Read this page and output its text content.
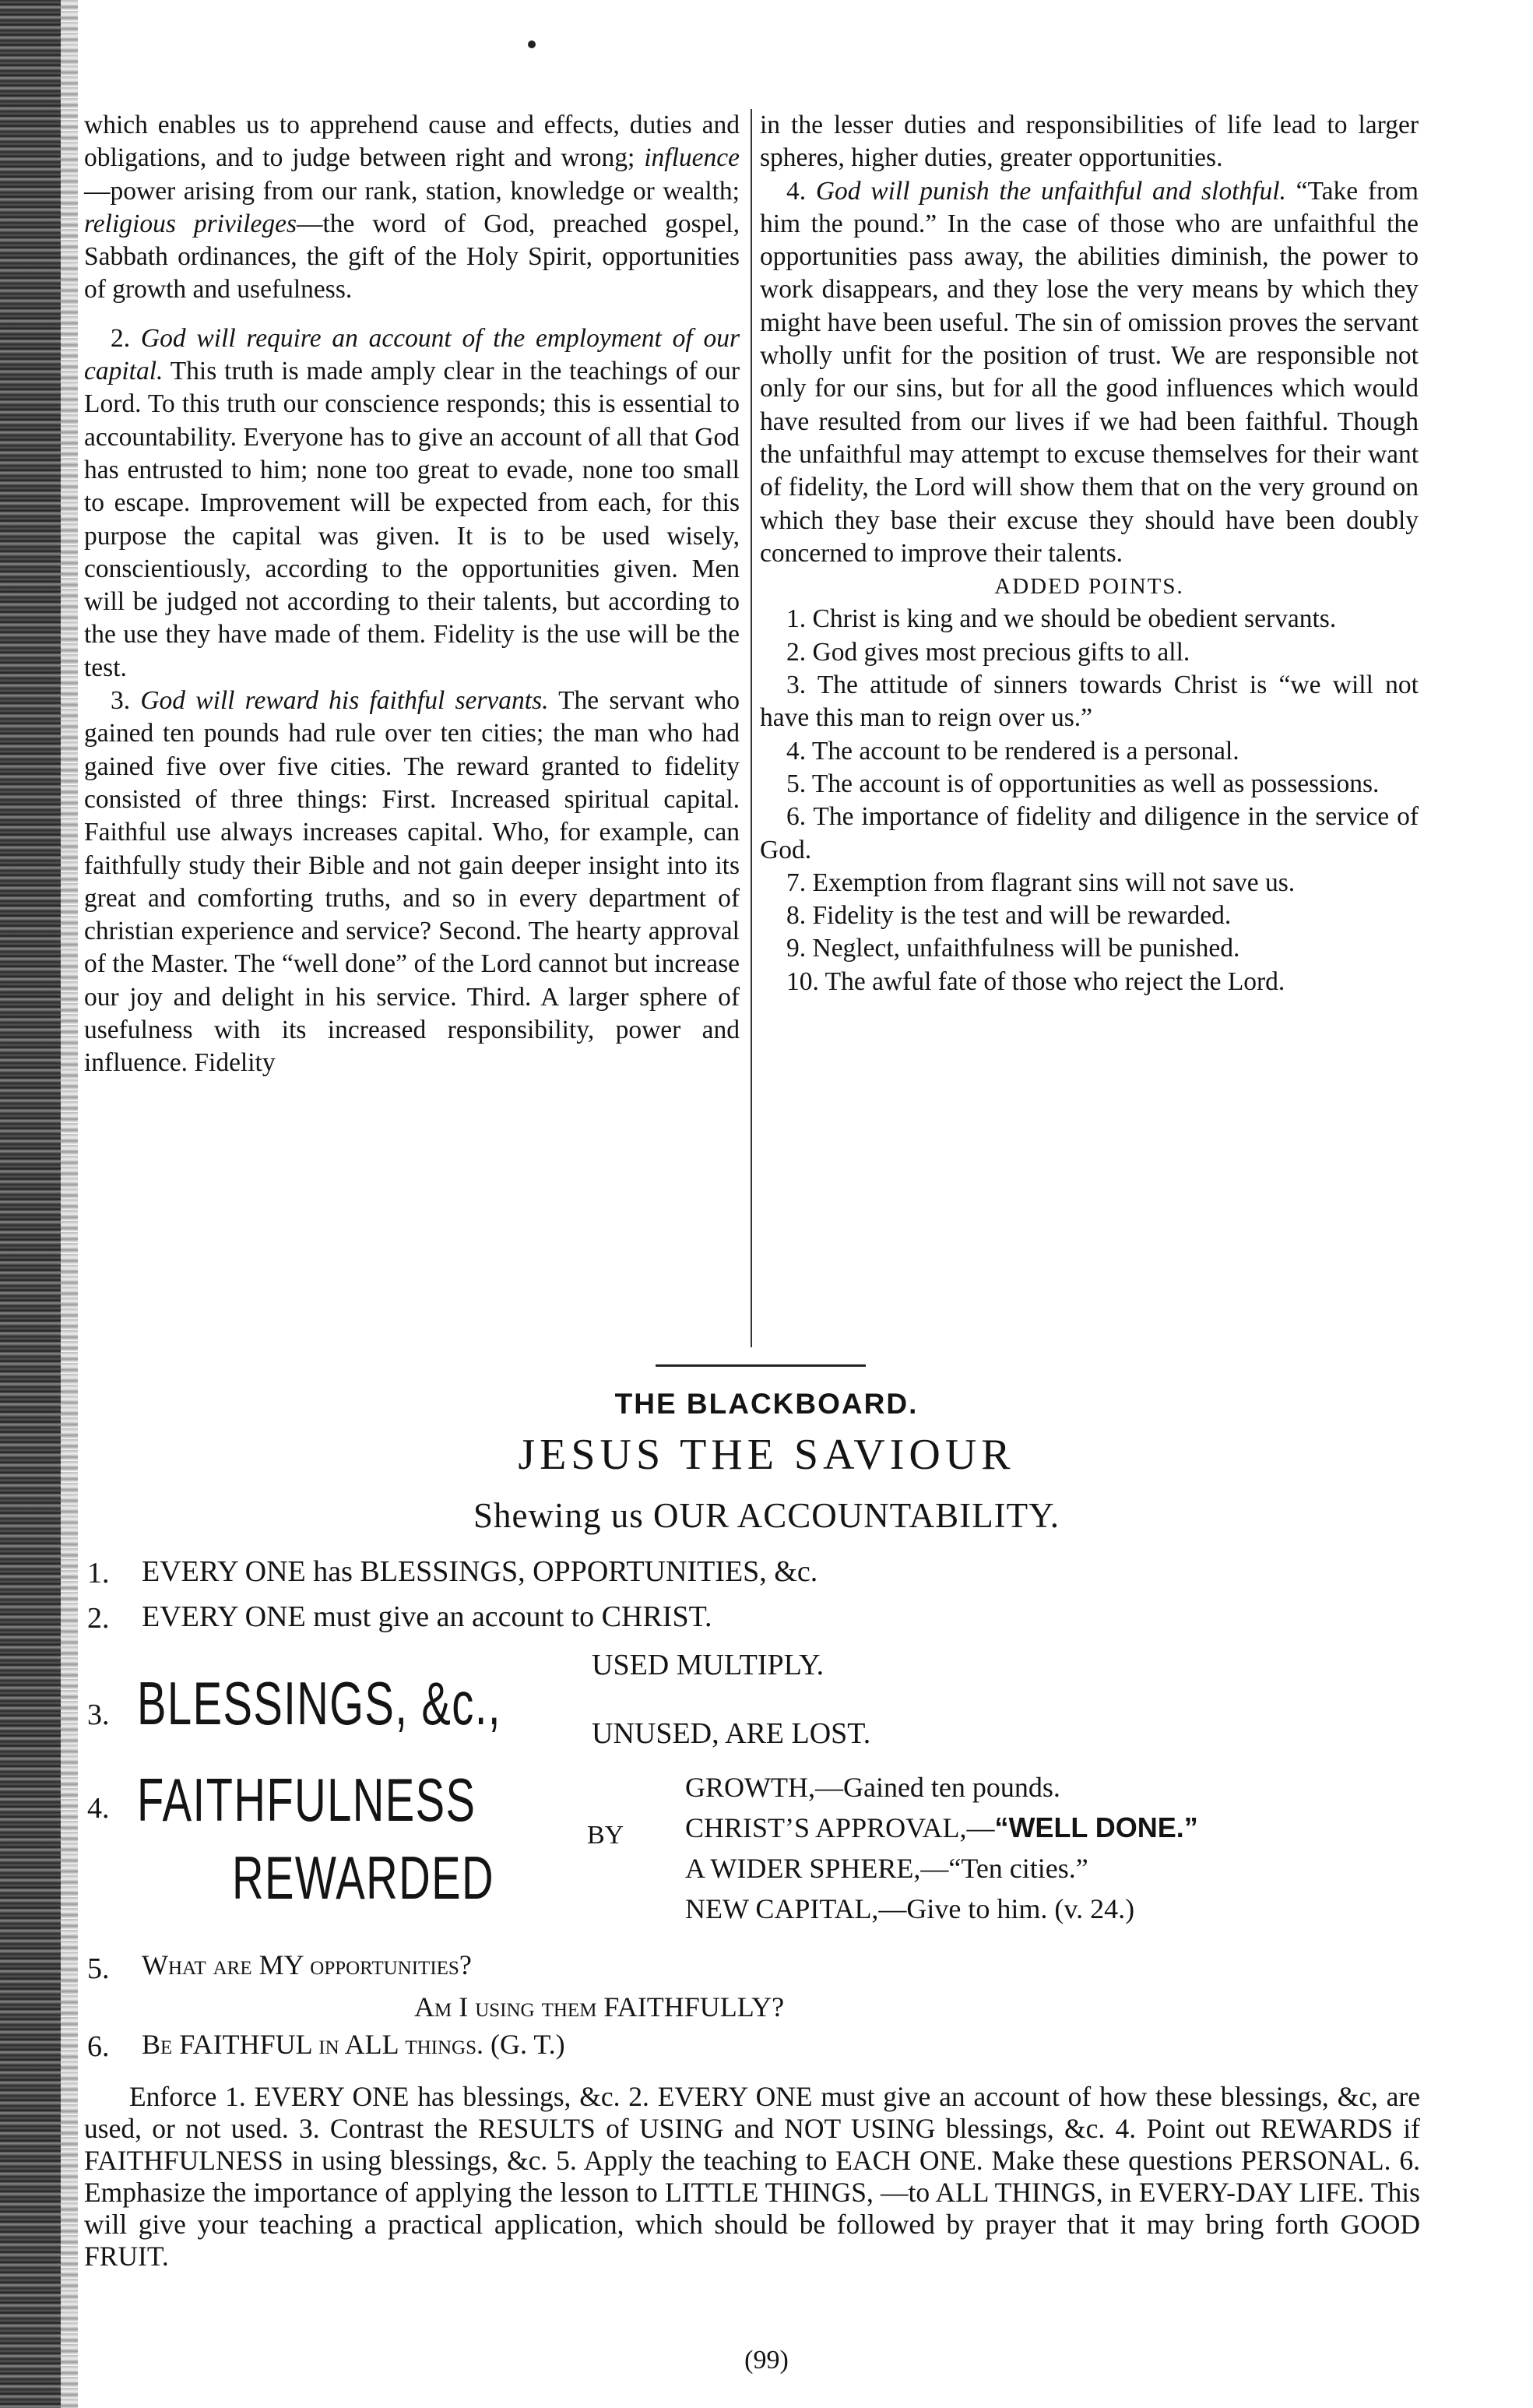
which enables us to apprehend cause and effects, duties and obligations, and to judge between right and wrong; influence—power arising from our rank, station, knowledge or wealth; religious privileges—the word of God, preached gospel, Sabbath ordinances, the gift of the Holy Spirit, opportunities of growth and usefulness.

2. God will require an account of the employment of our capital. This truth is made amply clear in the teachings of our Lord. To this truth our conscience responds; this is essential to accountability. Everyone has to give an account of all that God has entrusted to him; none too great to evade, none too small to escape. Improvement will be expected from each, for this purpose the capital was given. It is to be used wisely, conscientiously, according to the opportunities given. Men will be judged not according to their talents, but according to the use they have made of them. Fidelity is the use will be the test.

3. God will reward his faithful servants. The servant who gained ten pounds had rule over ten cities; the man who had gained five over five cities. The reward granted to fidelity consisted of three things: First. Increased spiritual capital. Faithful use always increases capital. Who, for example, can faithfully study their Bible and not gain deeper insight into its great and comforting truths, and so in every department of christian experience and service? Second. The hearty approval of the Master. The “well done” of the Lord cannot but increase our joy and delight in his service. Third. A larger sphere of usefulness with its increased responsibility, power and influence. Fidelity

in the lesser duties and responsibilities of life lead to larger spheres, higher duties, greater opportunities.

4. God will punish the unfaithful and slothful. “Take from him the pound.” In the case of those who are unfaithful the opportunities pass away, the abilities diminish, the power to work disappears, and they lose the very means by which they might have been useful. The sin of omission proves the servant wholly unfit for the position of trust. We are responsible not only for our sins, but for all the good influences which would have resulted from our lives if we had been faithful. Though the unfaithful may attempt to excuse themselves for their want of fidelity, the Lord will show them that on the very ground on which they base their excuse they should have been doubly concerned to improve their talents.

ADDED POINTS.

1. Christ is king and we should be obedient servants.

2. God gives most precious gifts to all.

3. The attitude of sinners towards Christ is “we will not have this man to reign over us.”

4. The account to be rendered is a personal.

5. The account is of opportunities as well as possessions.

6. The importance of fidelity and diligence in the service of God.

7. Exemption from flagrant sins will not save us.

8. Fidelity is the test and will be rewarded.

9. Neglect, unfaithfulness will be punished.

10. The awful fate of those who reject the Lord.

THE BLACKBOARD.
JESUS THE SAVIOUR
Shewing us OUR ACCOUNTABILITY.
1. EVERY ONE has BLESSINGS, OPPORTUNITIES, &c.
2. EVERY ONE must give an account to CHRIST.
3. BLESSINGS, &c.,
USED MULTIPLY.
UNUSED, ARE LOST.
4. FAITHFULNESS
REWARDED
BY
GROWTH,—Gained ten pounds.
CHRIST’S APPROVAL,—“WELL DONE.”
A WIDER SPHERE,—“Ten cities.”
NEW CAPITAL,—Give to him. (v. 24.)
5. What are MY opportunities?
Am I using them FAITHFULLY?
6. Be FAITHFUL in ALL things. (G. T.)

Enforce 1. EVERY ONE has blessings, &c. 2. EVERY ONE must give an account of how these blessings, &c, are used, or not used. 3. Contrast the RESULTS of USING and NOT USING blessings, &c. 4. Point out REWARDS if FAITHFULNESS in using blessings, &c. 5. Apply the teaching to EACH ONE. Make these questions PERSONAL. 6. Emphasize the importance of applying the lesson to LITTLE THINGS, —to ALL THINGS, in EVERY-DAY LIFE. This will give your teaching a practical application, which should be followed by prayer that it may bring forth GOOD FRUIT.

(99)
